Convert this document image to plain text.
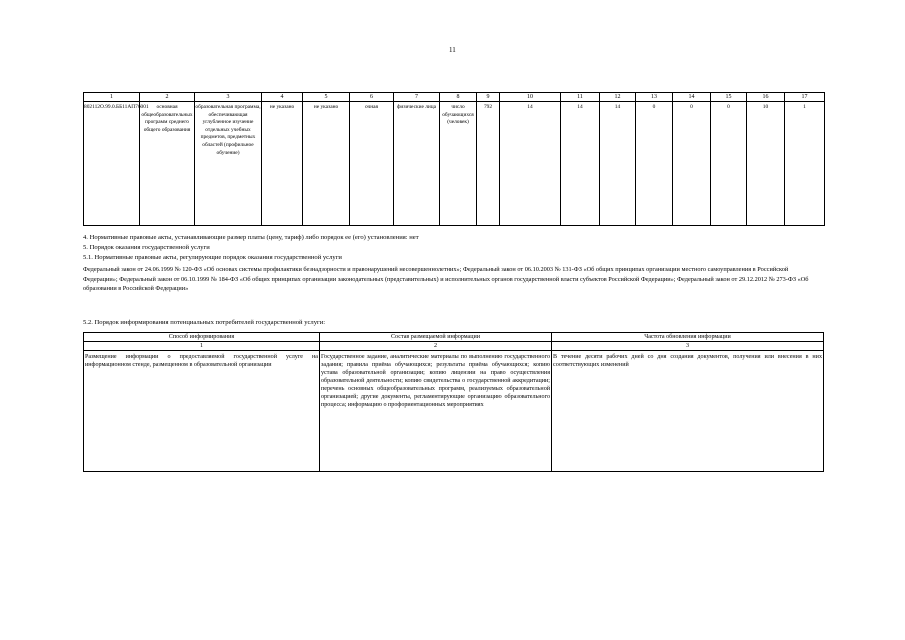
11
1	2	3	4	5	6	7	8	9	10	11	12	13	14	15	16	17
802112О.99.0.ББ11АП76001	основная общеобразовательных программ среднего общего образования	образовательная программа, обеспечивающая углубленное изучение отдельных учебных предметов, предметных областей (профильное обучение)	не указано	не указано	очная	физические лица	число обучающихся (человек)	792	14	14	14	0	0	0	10	1
4. Нормативные правовые акты, устанавливающие размер платы (цену, тариф) либо порядок ее (его) установления: нет
5. Порядок оказания государственной услуги
5.1. Нормативные правовые акты, регулирующие порядок оказания государственной услуги
Федеральный закон от 24.06.1999 № 120-ФЗ «Об основах системы профилактики безнадзорности и правонарушений несовершеннолетних»; Федеральный закон от 06.10.2003 № 131-ФЗ «Об общих принципах организации местного самоуправления в Российской Федерации»; Федеральный закон от 06.10.1999 № 184-ФЗ «Об общих принципах организации законодательных (представительных) и исполнительных органов государственной власти субъектов Российской Федерации»; Федеральный закон от 29.12.2012 № 273-ФЗ «Об образовании в Российской Федерации»
5.2. Порядок информирования потенциальных потребителей государственной услуги:
Способ информирования	Состав размещаемой информации	Частота обновления информации
1	2	3
Размещение информации о предоставляемой государственной услуге на информационном стенде, размещенном в образовательной организации	Государственное задание, аналитические материалы по выполнению государственного задания; правила приёма обучающихся; результаты приёма обучающихся; копию устава образовательной организации; копию лицензии на право осуществления образовательной деятельности; копию свидетельства о государственной аккредитации; перечень основных общеобразовательных программ, реализуемых образовательной организацией; другие документы, регламентирующие организацию образовательного процесса; информацию о профориентационных мероприятиях	В течение десяти рабочих дней со дня создания документов, получения или внесения в них соответствующих изменений
